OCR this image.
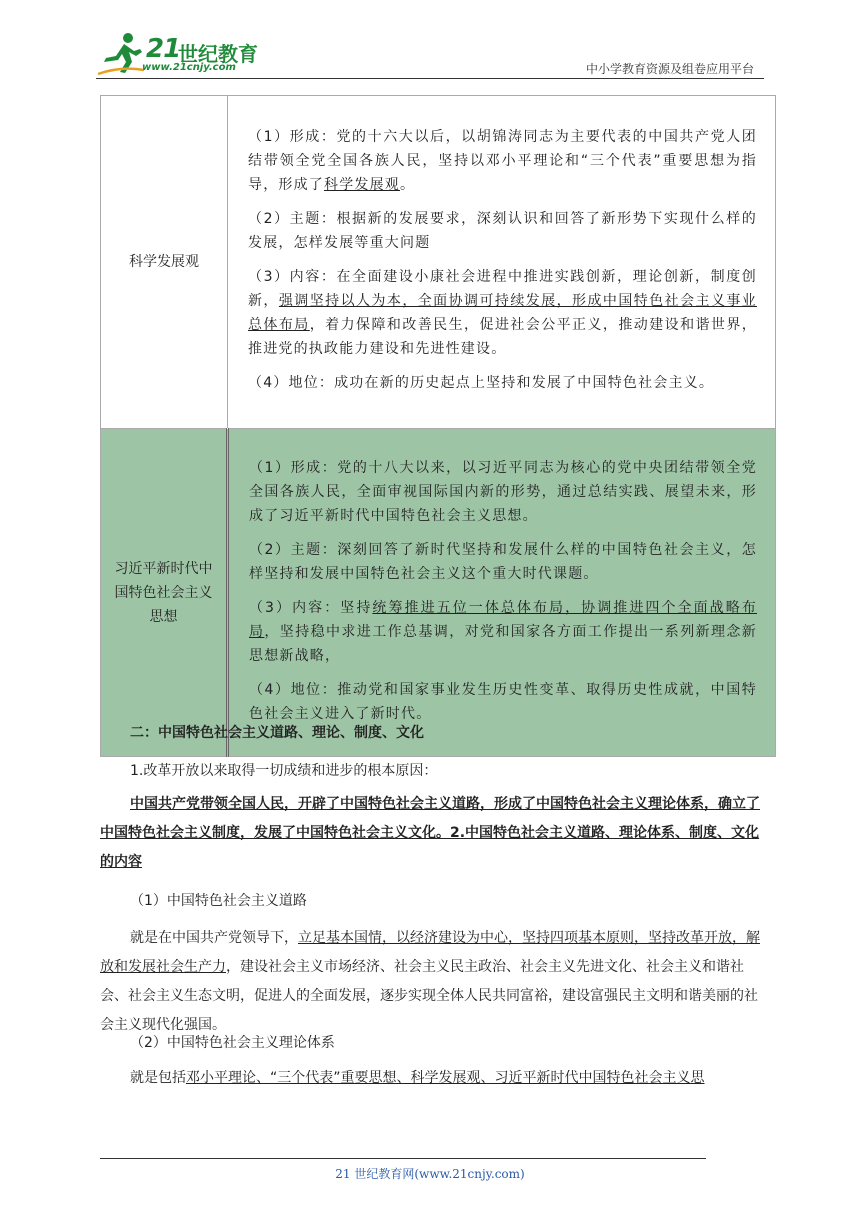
21
世纪教育
www.21cnjy.com	中小学教育资源及组卷应用平台
科学发展观	（1）形成：党的十六大以后，以胡锦涛同志为主要代表的中国共产党人团结带领全党全国各族人民，坚持以邓小平理论和“三个代表”重要思想为指导，形成了科学发展观。

（2）主题：根据新的发展要求，深刻认识和回答了新形势下实现什么样的发展，怎样发展等重大问题

（3）内容：在全面建设小康社会进程中推进实践创新，理论创新，制度创新，强调坚持以人为本，全面协调可持续发展，形成中国特色社会主义事业总体布局，着力保障和改善民生，促进社会公平正义，推动建设和谐世界，推进党的执政能力建设和先进性建设。

（4）地位：成功在新的历史起点上坚持和发展了中国特色社会主义。

习近平新时代中国特色社会主义思想	（1）形成：党的十八大以来，以习近平同志为核心的党中央团结带领全党全国各族人民，全面审视国际国内新的形势，通过总结实践、展望未来，形成了习近平新时代中国特色社会主义思想。

（2）主题：深刻回答了新时代坚持和发展什么样的中国特色社会主义，怎样坚持和发展中国特色社会主义这个重大时代课题。

（3）内容：坚持统筹推进五位一体总体布局，协调推进四个全面战略布局，坚持稳中求进工作总基调，对党和国家各方面工作提出一系列新理念新思想新战略，

（4）地位：推动党和国家事业发生历史性变革、取得历史性成就，中国特色社会主义进入了新时代。

二：中国特色社会主义道路、理论、制度、文化
1.改革开放以来取得一切成绩和进步的根本原因：
中国共产党带领全国人民，开辟了中国特色社会主义道路，形成了中国特色社会主义理论体系，确立了中国特色社会主义制度，发展了中国特色社会主义文化。2.中国特色社会主义道路、理论体系、制度、文化的内容
（1）中国特色社会主义道路
就是在中国共产党领导下，立足基本国情，以经济建设为中心，坚持四项基本原则，坚持改革开放，解放和发展社会生产力，建设社会主义市场经济、社会主义民主政治、社会主义先进文化、社会主义和谐社会、社会主义生态文明，促进人的全面发展，逐步实现全体人民共同富裕，建设富强民主文明和谐美丽的社会主义现代化强国。
（2）中国特色社会主义理论体系
就是包括邓小平理论、“三个代表”重要思想、科学发展观、习近平新时代中国特色社会主义思
21 世纪教育网(www.21cnjy.com)
